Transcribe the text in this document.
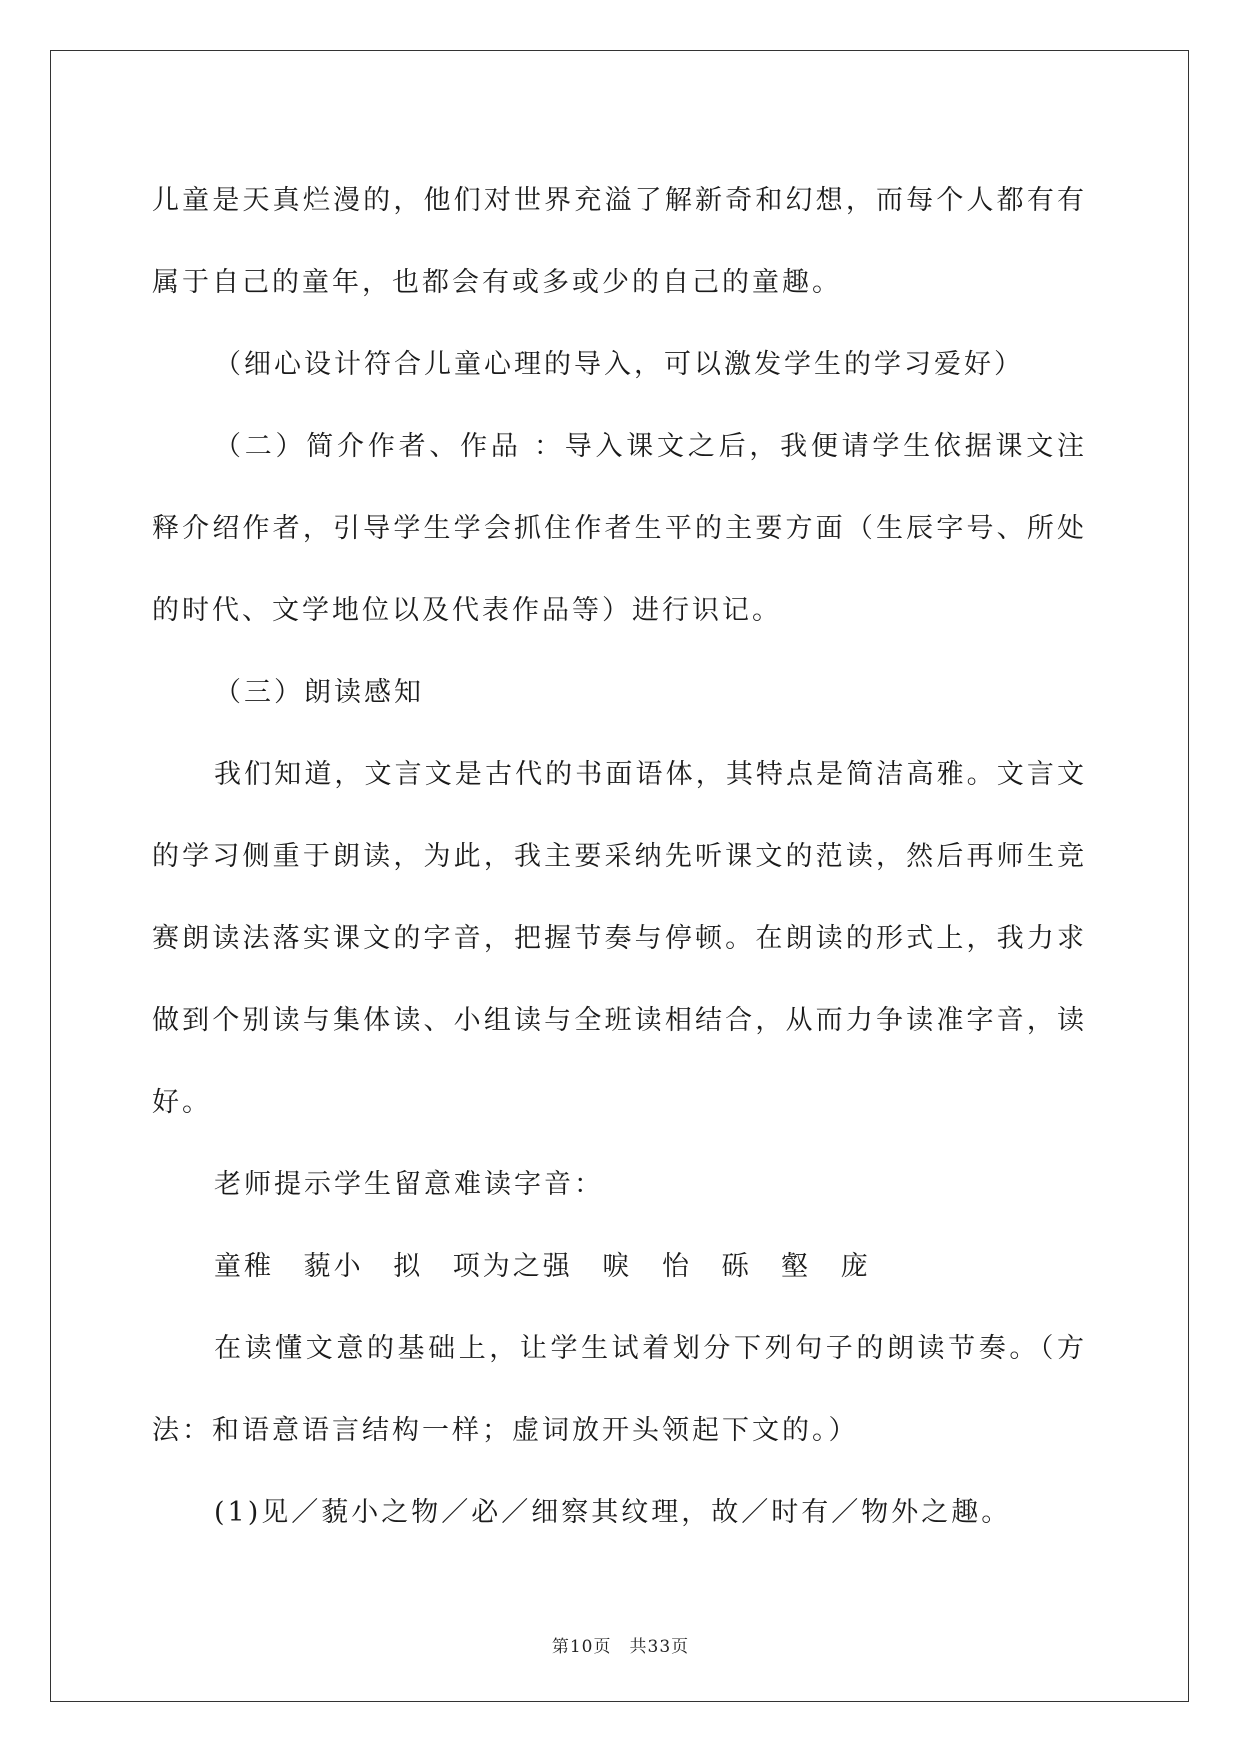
儿童是天真烂漫的，他们对世界充溢了解新奇和幻想，而每个人都有有属于自己的童年，也都会有或多或少的自己的童趣。

（细心设计符合儿童心理的导入，可以激发学生的学习爱好）

（二）简介作者、作品 ：导入课文之后，我便请学生依据课文注释介绍作者，引导学生学会抓住作者生平的主要方面（生辰字号、所处的时代、文学地位以及代表作品等）进行识记。

（三）朗读感知

我们知道，文言文是古代的书面语体，其特点是简洁高雅。文言文的学习侧重于朗读，为此，我主要采纳先听课文的范读，然后再师生竞赛朗读法落实课文的字音，把握节奏与停顿。在朗读的形式上，我力求做到个别读与集体读、小组读与全班读相结合，从而力争读准字音，读好。

老师提示学生留意难读字音：

童稚 藐小 拟 项为之强 唳 怡 砾 壑 庞

在读懂文意的基础上，让学生试着划分下列句子的朗读节奏。（方法：和语意语言结构一样；虚词放开头领起下文的。）

(1)见／藐小之物／必／细察其纹理，故／时有／物外之趣。

第10页 共33页
